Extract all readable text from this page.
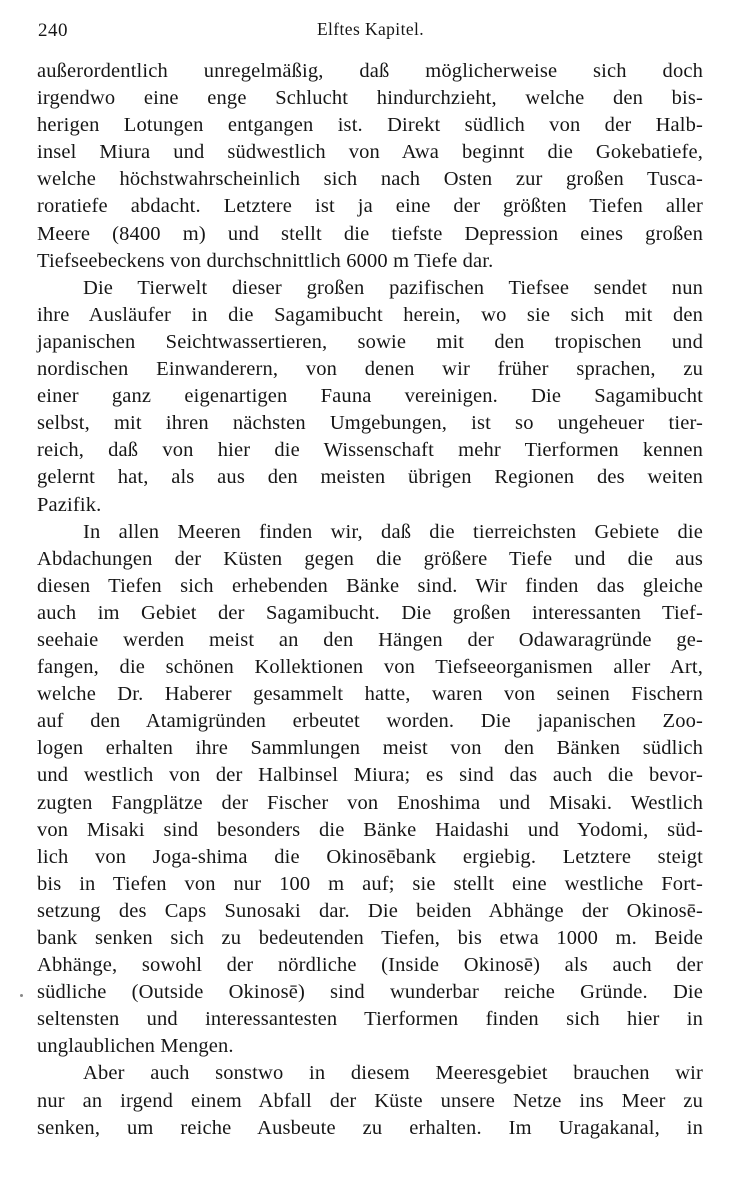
240	Elftes Kapitel.

außerordentlich unregelmäßig, daß möglicherweise sich doch
irgendwo eine enge Schlucht hindurchzieht, welche den bis-
herigen Lotungen entgangen ist. Direkt südlich von der Halb-
insel Miura und südwestlich von Awa beginnt die Gokebatiefe,
welche höchstwahrscheinlich sich nach Osten zur großen Tusca-
roratiefe abdacht. Letztere ist ja eine der größten Tiefen aller
Meere (8400 m) und stellt die tiefste Depression eines großen
Tiefseebeckens von durchschnittlich 6000 m Tiefe dar.

Die Tierwelt dieser großen pazifischen Tiefsee sendet nun
ihre Ausläufer in die Sagamibucht herein, wo sie sich mit den
japanischen Seichtwassertieren, sowie mit den tropischen und
nordischen Einwanderern, von denen wir früher sprachen, zu
einer ganz eigenartigen Fauna vereinigen. Die Sagamibucht
selbst, mit ihren nächsten Umgebungen, ist so ungeheuer tier-
reich, daß von hier die Wissenschaft mehr Tierformen kennen
gelernt hat, als aus den meisten übrigen Regionen des weiten
Pazifik.

In allen Meeren finden wir, daß die tierreichsten Gebiete die
Abdachungen der Küsten gegen die größere Tiefe und die aus
diesen Tiefen sich erhebenden Bänke sind. Wir finden das gleiche
auch im Gebiet der Sagamibucht. Die großen interessanten Tief-
seehaie werden meist an den Hängen der Odawaragründe ge-
fangen, die schönen Kollektionen von Tiefseeorganismen aller Art,
welche Dr. Haberer gesammelt hatte, waren von seinen Fischern
auf den Atamigründen erbeutet worden. Die japanischen Zoo-
logen erhalten ihre Sammlungen meist von den Bänken südlich
und westlich von der Halbinsel Miura; es sind das auch die bevor-
zugten Fangplätze der Fischer von Enoshima und Misaki. Westlich
von Misaki sind besonders die Bänke Haidashi und Yodomi, süd-
lich von Joga-shima die Okinosēbank ergiebig. Letztere steigt
bis in Tiefen von nur 100 m auf; sie stellt eine westliche Fort-
setzung des Caps Sunosaki dar. Die beiden Abhänge der Okinosē-
bank senken sich zu bedeutenden Tiefen, bis etwa 1000 m. Beide
Abhänge, sowohl der nördliche (Inside Okinosē) als auch der
südliche (Outside Okinosē) sind wunderbar reiche Gründe. Die
seltensten und interessantesten Tierformen finden sich hier in
unglaublichen Mengen.

Aber auch sonstwo in diesem Meeresgebiet brauchen wir
nur an irgend einem Abfall der Küste unsere Netze ins Meer zu
senken, um reiche Ausbeute zu erhalten. Im Uragakanal, in
